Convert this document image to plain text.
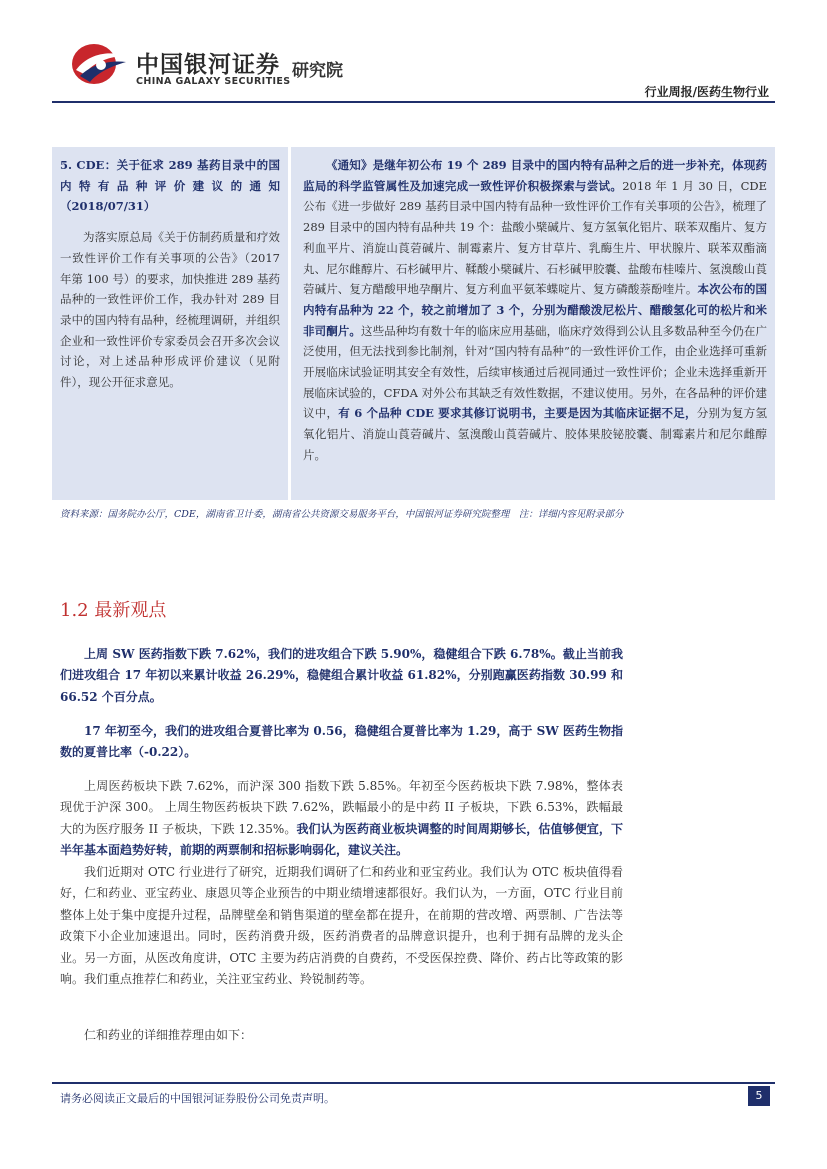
中国银河证券
CHINA GALAXY SECURITIES
研究院
行业周报/医药生物行业
5. CDE：关于征求 289 基药目录中的国内特有品种评价建议的通知（2018/07/31）

为落实原总局《关于仿制药质量和疗效一致性评价工作有关事项的公告》（2017 年第 100 号）的要求，加快推进 289 基药品种的一致性评价工作，我办针对 289 目录中的国内特有品种，经梳理调研，并组织企业和一致性评价专家委员会召开多次会议讨论，对上述品种形成评价建议（见附件），现公开征求意见。

《通知》是继年初公布 19 个 289 目录中的国内特有品种之后的进一步补充，体现药监局的科学监管属性及加速完成一致性评价积极探索与尝试。2018 年 1 月 30 日，CDE 公布《进一步做好 289 基药目录中国内特有品种一致性评价工作有关事项的公告》，梳理了 289 目录中的国内特有品种共 19 个：盐酸小檗碱片、复方氢氧化铝片、联苯双酯片、复方利血平片、消旋山莨菪碱片、制霉素片、复方甘草片、乳酶生片、甲状腺片、联苯双酯滴丸、尼尔雌醇片、石杉碱甲片、鞣酸小檗碱片、石杉碱甲胶囊、盐酸布桂嗪片、氢溴酸山莨菪碱片、复方醋酸甲地孕酮片、复方利血平氨苯蝶啶片、复方磷酸萘酚喹片。本次公布的国内特有品种为 22 个，较之前增加了 3 个，分别为醋酸泼尼松片、醋酸氢化可的松片和米非司酮片。这些品种均有数十年的临床应用基础，临床疗效得到公认且多数品种至今仍在广泛使用，但无法找到参比制剂，针对“国内特有品种”的一致性评价工作，由企业选择可重新开展临床试验证明其安全有效性，后续审核通过后视同通过一致性评价；企业未选择重新开展临床试验的，CFDA 对外公布其缺乏有效性数据，不建议使用。另外，在各品种的评价建议中，有 6 个品种 CDE 要求其修订说明书，主要是因为其临床证据不足，分别为复方氢氧化铝片、消旋山莨菪碱片、氢溴酸山莨菪碱片、胶体果胶铋胶囊、制霉素片和尼尔雌醇片。

资料来源：国务院办公厅，CDE，湖南省卫计委，湖南省公共资源交易服务平台，中国银河证券研究院整理　注：详细内容见附录部分
1.2 最新观点

上周 SW 医药指数下跌 7.62%，我们的进攻组合下跌 5.90%，稳健组合下跌 6.78%。截止当前我们进攻组合 17 年初以来累计收益 26.29%，稳健组合累计收益 61.82%，分别跑赢医药指数 30.99 和 66.52 个百分点。

17 年初至今，我们的进攻组合夏普比率为 0.56，稳健组合夏普比率为 1.29，高于 SW 医药生物指数的夏普比率（-0.22）。

上周医药板块下跌 7.62%，而沪深 300 指数下跌 5.85%。年初至今医药板块下跌 7.98%，整体表现优于沪深 300。 上周生物医药板块下跌 7.62%，跌幅最小的是中药 II 子板块，下跌 6.53%，跌幅最大的为医疗服务 II 子板块，下跌 12.35%。我们认为医药商业板块调整的时间周期够长，估值够便宜，下半年基本面趋势好转，前期的两票制和招标影响弱化，建议关注。

我们近期对 OTC 行业进行了研究，近期我们调研了仁和药业和亚宝药业。我们认为 OTC 板块值得看好，仁和药业、亚宝药业、康恩贝等企业预告的中期业绩增速都很好。我们认为，一方面，OTC 行业目前整体上处于集中度提升过程，品牌壁垒和销售渠道的壁垒都在提升，在前期的营改增、两票制、广告法等政策下小企业加速退出。同时，医药消费升级，医药消费者的品牌意识提升，也利于拥有品牌的龙头企业。另一方面，从医改角度讲，OTC 主要为药店消费的自费药，不受医保控费、降价、药占比等政策的影响。我们重点推荐仁和药业，关注亚宝药业、羚锐制药等。

仁和药业的详细推荐理由如下：

请务必阅读正文最后的中国银河证券股份公司免责声明。	5
